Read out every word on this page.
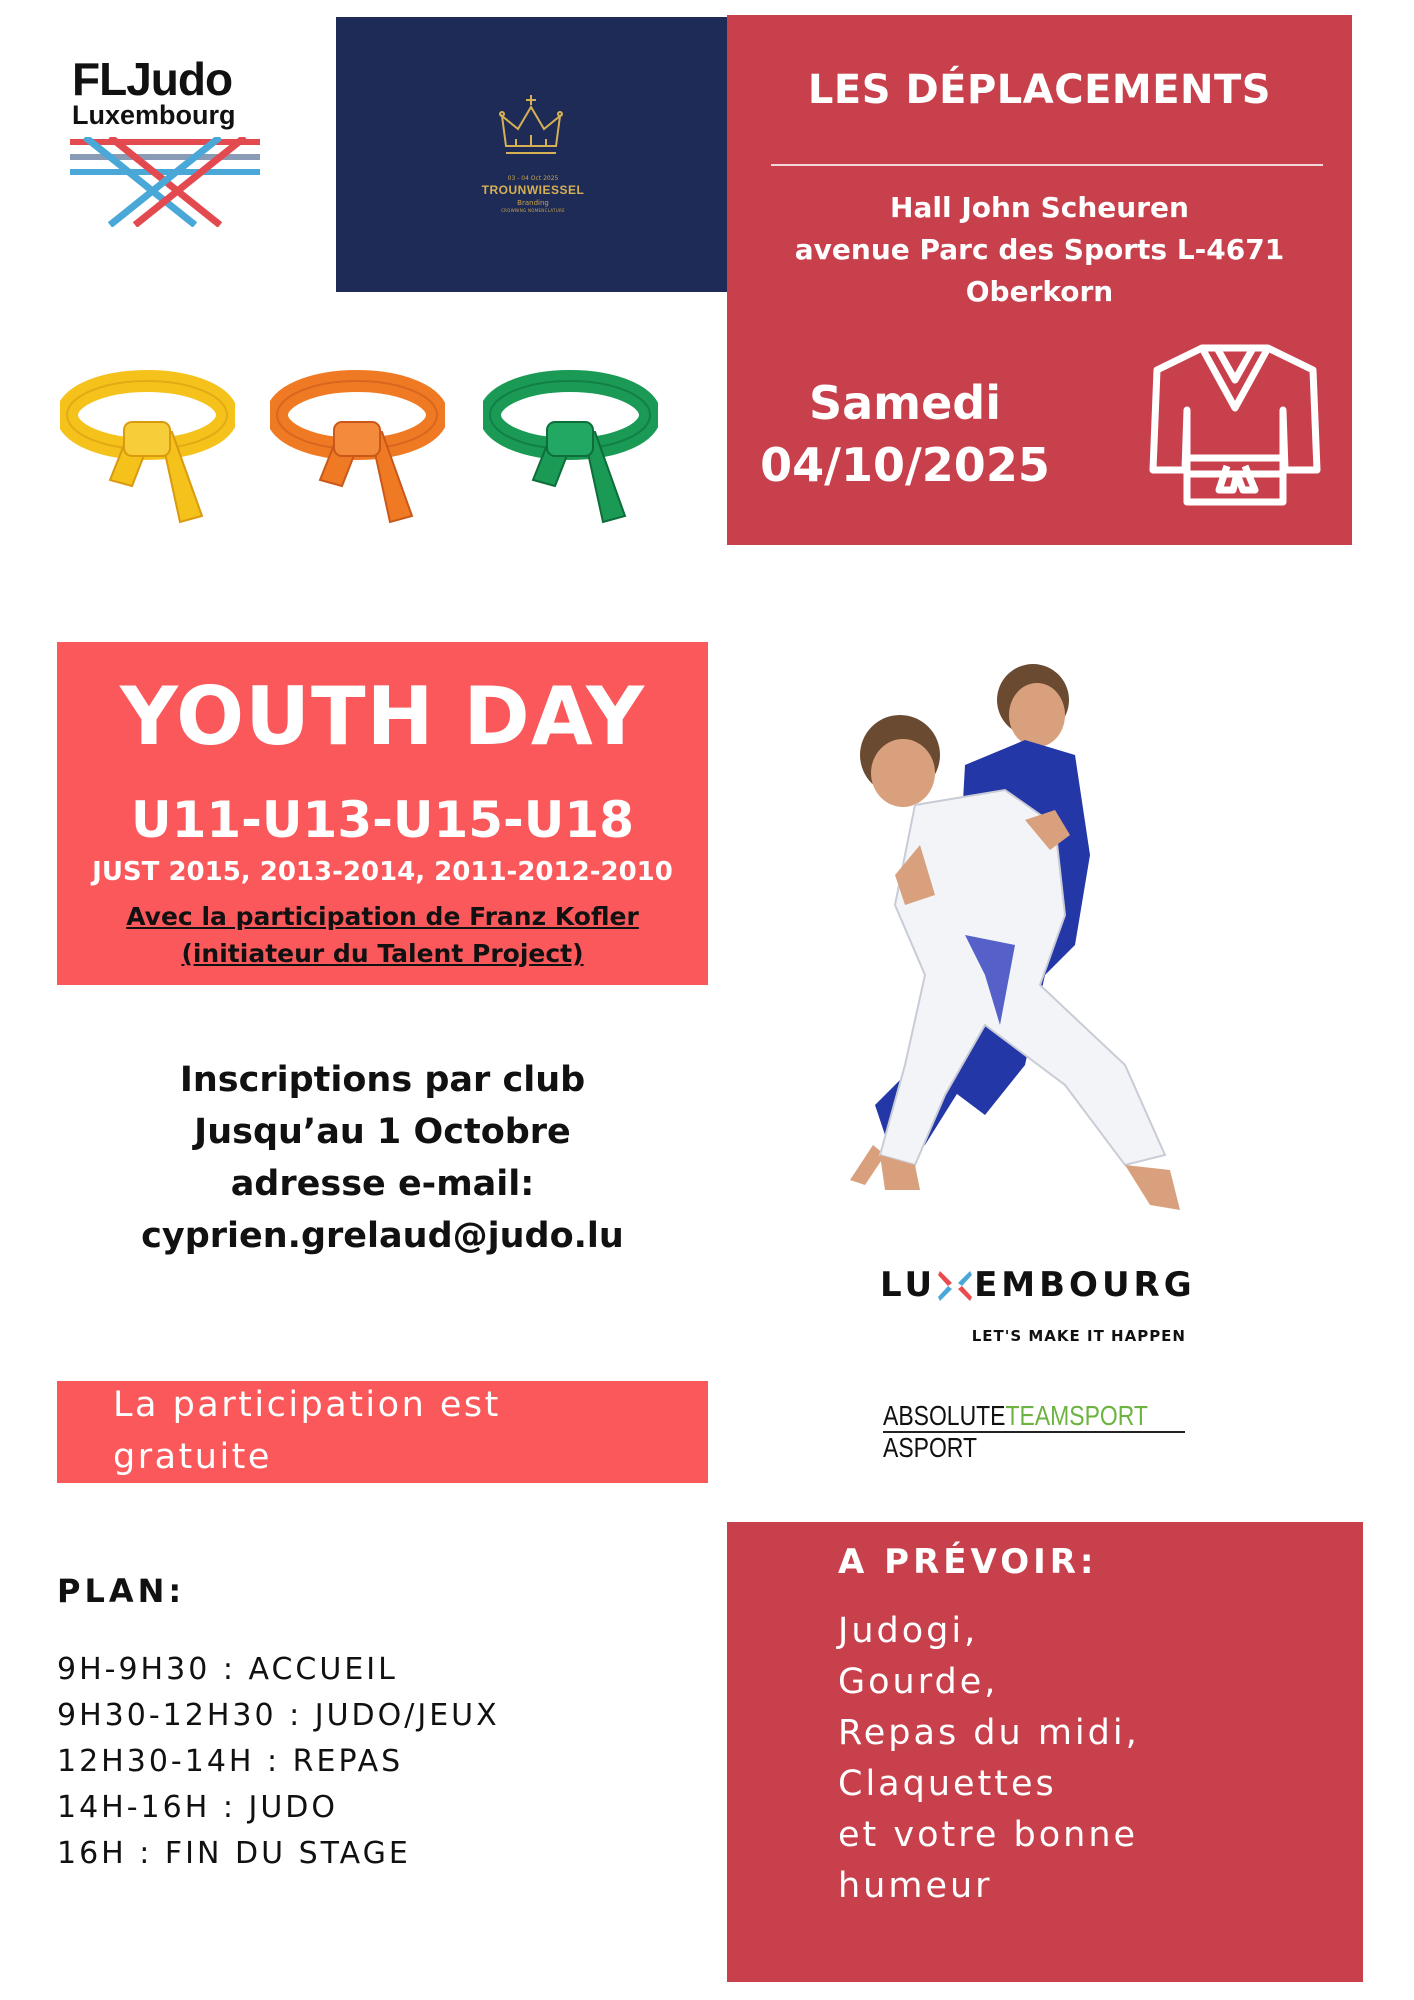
FLJudo
Luxembourg
03 - 04 Oct 2025
TROUNWIESSEL
Branding
CROWNING NOMENCLATURE
LES DÉPLACEMENTS
Hall John Scheuren
avenue Parc des Sports L-4671
Oberkorn
Samedi
04/10/2025
YOUTH DAY
U11-U13-U15-U18
JUST 2015, 2013-2014, 2011-2012-2010
Avec la participation de Franz Kofler
(initiateur du Talent Project)
Inscriptions par club
Jusqu’au 1 Octobre
adresse e-mail:
cyprien.grelaud@judo.lu
La participation est
gratuite
PLAN:
9H-9H30 : ACCUEIL
9H30-12H30 : JUDO/JEUX
12H30-14H : REPAS
14H-16H : JUDO
16H : FIN DU STAGE
A PRÉVOIR:
Judogi,
Gourde,
Repas du midi,
Claquettes
et votre bonne
humeur
LU EMBOURG
LET'S MAKE IT HAPPEN
ABSOLUTETEAMSPORT
ASPORT
